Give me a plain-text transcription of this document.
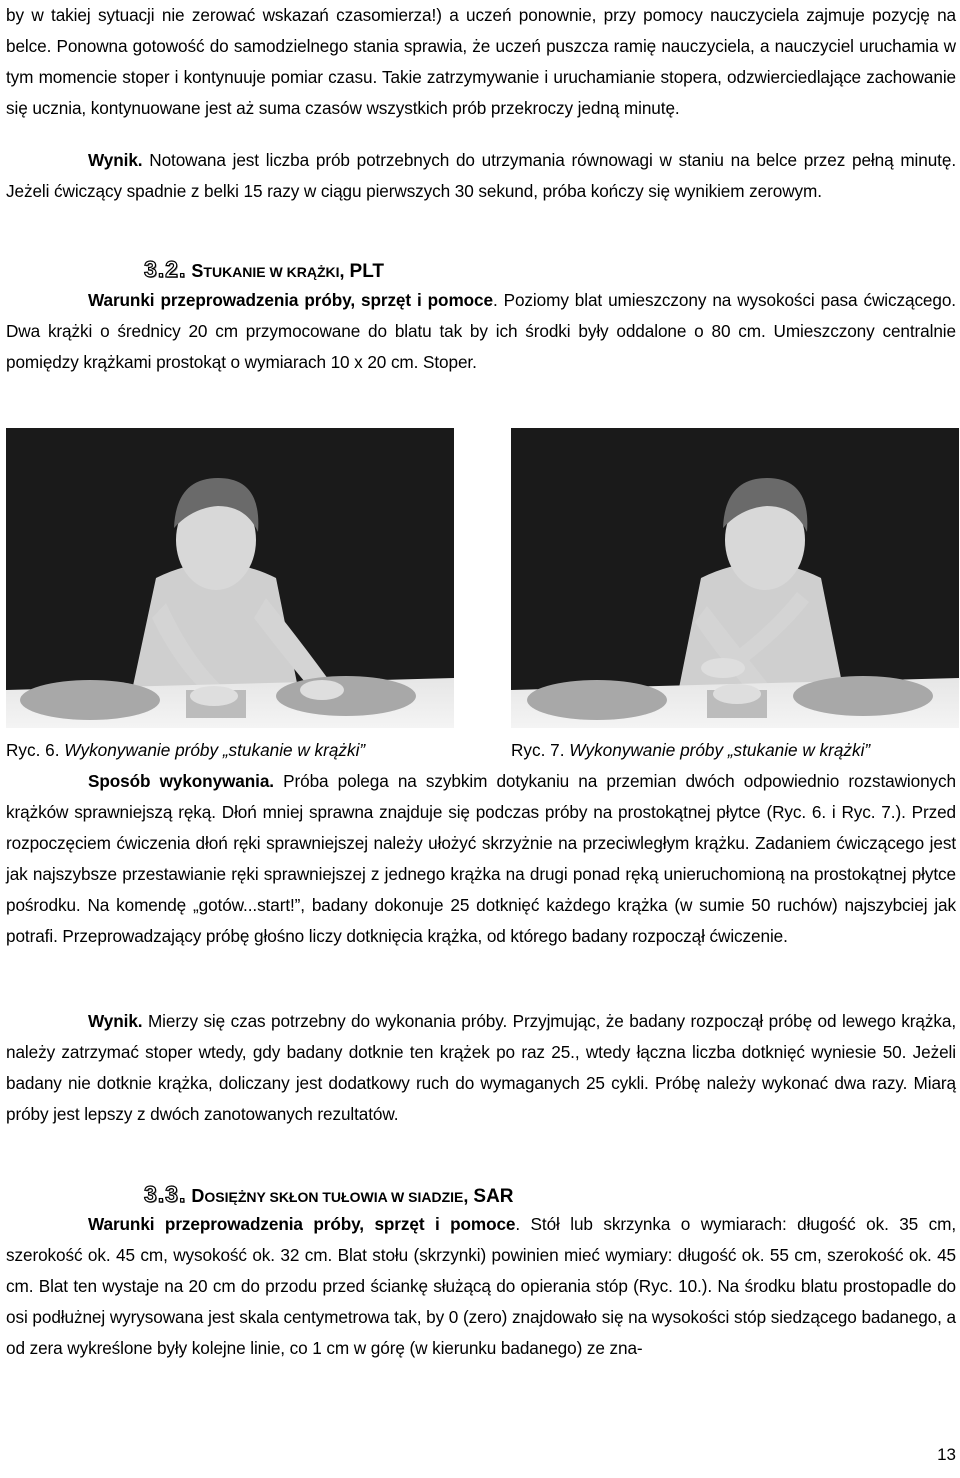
by w takiej sytuacji nie zerować wskazań czasomierza!) a uczeń ponownie, przy pomocy nauczyciela zajmuje pozycję na belce. Ponowna gotowość do samodzielnego stania sprawia, że uczeń puszcza ramię nauczyciela, a nauczyciel uruchamia w tym momencie stoper i kontynuuje pomiar czasu. Takie zatrzymywanie i uruchamianie stopera, odzwierciedlające zachowanie się ucznia, kontynuowane jest aż suma czasów wszystkich prób przekroczy jedną minutę.

Wynik. Notowana jest liczba prób potrzebnych do utrzymania równowagi w staniu na belce przez pełną minutę. Jeżeli ćwiczący spadnie z belki 15 razy w ciągu pierwszych 30 sekund, próba kończy się wynikiem zerowym.

3.2. STUKANIE W KRĄŻKI, PLT

Warunki przeprowadzenia próby, sprzęt i pomoce. Poziomy blat umieszczony na wysokości pasa ćwiczącego. Dwa krążki o średnicy 20 cm przymocowane do blatu tak by ich środki były oddalone o 80 cm. Umieszczony centralnie pomiędzy krążkami prostokąt o wymiarach 10 x 20 cm. Stoper.

Ryc. 6. Wykonywanie próby „stukanie w krążki”	Ryc. 7. Wykonywanie próby „stukanie w krążki”

Sposób wykonywania. Próba polega na szybkim dotykaniu na przemian dwóch odpowiednio rozstawionych krążków sprawniejszą ręką. Dłoń mniej sprawna znajduje się podczas próby na prostokątnej płytce (Ryc. 6. i Ryc. 7.). Przed rozpoczęciem ćwiczenia dłoń ręki sprawniejszej należy ułożyć skrzyżnie na przeciwległym krążku. Zadaniem ćwiczącego jest jak najszybsze przestawianie ręki sprawniejszej z jednego krążka na drugi ponad ręką unieruchomioną na prostokątnej płytce pośrodku. Na komendę „gotów...start!”, badany dokonuje 25 dotknięć każdego krążka (w sumie 50 ruchów) najszybciej jak potrafi. Przeprowadzający próbę głośno liczy dotknięcia krążka, od którego badany rozpoczął ćwiczenie.

Wynik. Mierzy się czas potrzebny do wykonania próby. Przyjmując, że badany rozpoczął próbę od lewego krążka, należy zatrzymać stoper wtedy, gdy badany dotknie ten krążek po raz 25., wtedy łączna liczba dotknięć wyniesie 50. Jeżeli badany nie dotknie krążka, doliczany jest dodatkowy ruch do wymaganych 25 cykli. Próbę należy wykonać dwa razy. Miarą próby jest lepszy z dwóch zanotowanych rezultatów.

3.3. DOSIĘŻNY SKŁON TUŁOWIA W SIADZIE, SAR

Warunki przeprowadzenia próby, sprzęt i pomoce. Stół lub skrzynka o wymiarach: długość ok. 35 cm, szerokość ok. 45 cm, wysokość ok. 32 cm. Blat stołu (skrzynki) powinien mieć wymiary: długość ok. 55 cm, szerokość ok. 45 cm. Blat ten wystaje na 20 cm do przodu przed ściankę służącą do opierania stóp (Ryc. 10.). Na środku blatu prostopadle do osi podłużnej wyrysowana jest skala centymetrowa tak, by 0 (zero) znajdowało się na wysokości stóp siedzącego badanego, a od zera wykreślone były kolejne linie, co 1 cm w górę (w kierunku badanego) ze zna-

13
